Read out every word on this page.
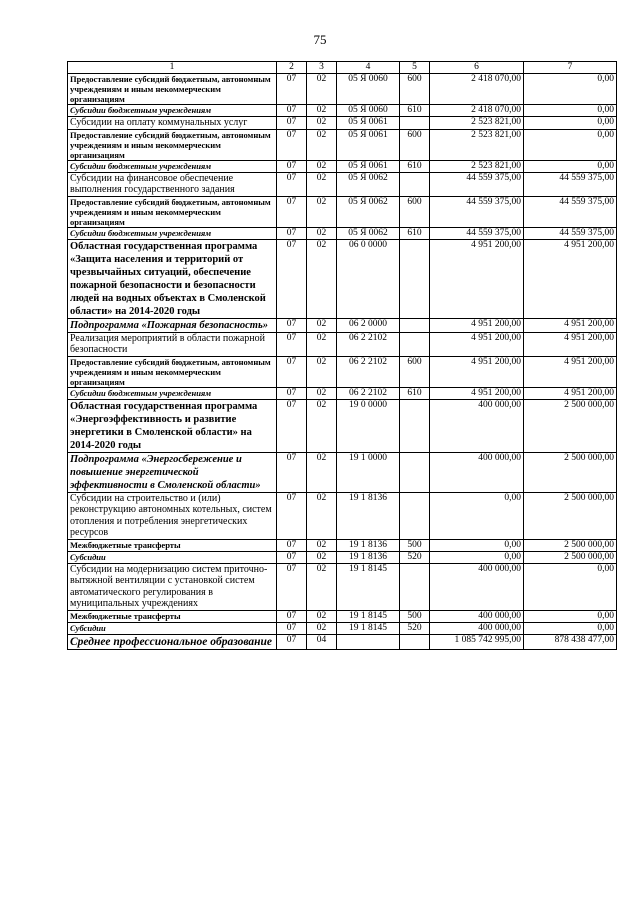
75
1	2	3	4	5	6	7
Предоставление субсидий бюджетным, автономным учреждениям и иным некоммерческим организациям	07	02	05 Я 0060	600	2 418 070,00	0,00
Субсидии бюджетным учреждениям	07	02	05 Я 0060	610	2 418 070,00	0,00
Субсидии на оплату коммунальных услуг	07	02	05 Я 0061		2 523 821,00	0,00
Предоставление субсидий бюджетным, автономным учреждениям и иным некоммерческим организациям	07	02	05 Я 0061	600	2 523 821,00	0,00
Субсидии бюджетным учреждениям	07	02	05 Я 0061	610	2 523 821,00	0,00
Субсидии на финансовое обеспечение выполнения государственного задания	07	02	05 Я 0062		44 559 375,00	44 559 375,00
Предоставление субсидий бюджетным, автономным учреждениям и иным некоммерческим организациям	07	02	05 Я 0062	600	44 559 375,00	44 559 375,00
Субсидии бюджетным учреждениям	07	02	05 Я 0062	610	44 559 375,00	44 559 375,00
Областная государственная программа «Защита населения и территорий от чрезвычайных ситуаций, обеспечение пожарной безопасности и безопасности людей на водных объектах в Смоленской области» на 2014-2020 годы	07	02	06 0 0000		4 951 200,00	4 951 200,00
Подпрограмма «Пожарная безопасность»	07	02	06 2 0000		4 951 200,00	4 951 200,00
Реализация мероприятий в области пожарной безопасности	07	02	06 2 2102		4 951 200,00	4 951 200,00
Предоставление субсидий бюджетным, автономным учреждениям и иным некоммерческим организациям	07	02	06 2 2102	600	4 951 200,00	4 951 200,00
Субсидии бюджетным учреждениям	07	02	06 2 2102	610	4 951 200,00	4 951 200,00
Областная государственная программа «Энергоэффективность и развитие энергетики в Смоленской области» на 2014-2020 годы	07	02	19 0 0000		400 000,00	2 500 000,00
Подпрограмма «Энергосбережение и повышение энергетической эффективности в Смоленской области»	07	02	19 1 0000		400 000,00	2 500 000,00
Субсидии на строительство и (или) реконструкцию автономных котельных, систем отопления и потребления энергетических ресурсов	07	02	19 1 8136		0,00	2 500 000,00
Межбюджетные трансферты	07	02	19 1 8136	500	0,00	2 500 000,00
Субсидии	07	02	19 1 8136	520	0,00	2 500 000,00
Субсидии на модернизацию систем приточно-вытяжной вентиляции с установкой систем автоматического регулирования в муниципальных учреждениях	07	02	19 1 8145		400 000,00	0,00
Межбюджетные трансферты	07	02	19 1 8145	500	400 000,00	0,00
Субсидии	07	02	19 1 8145	520	400 000,00	0,00
Среднее профессиональное образование	07	04			1 085 742 995,00	878 438 477,00
